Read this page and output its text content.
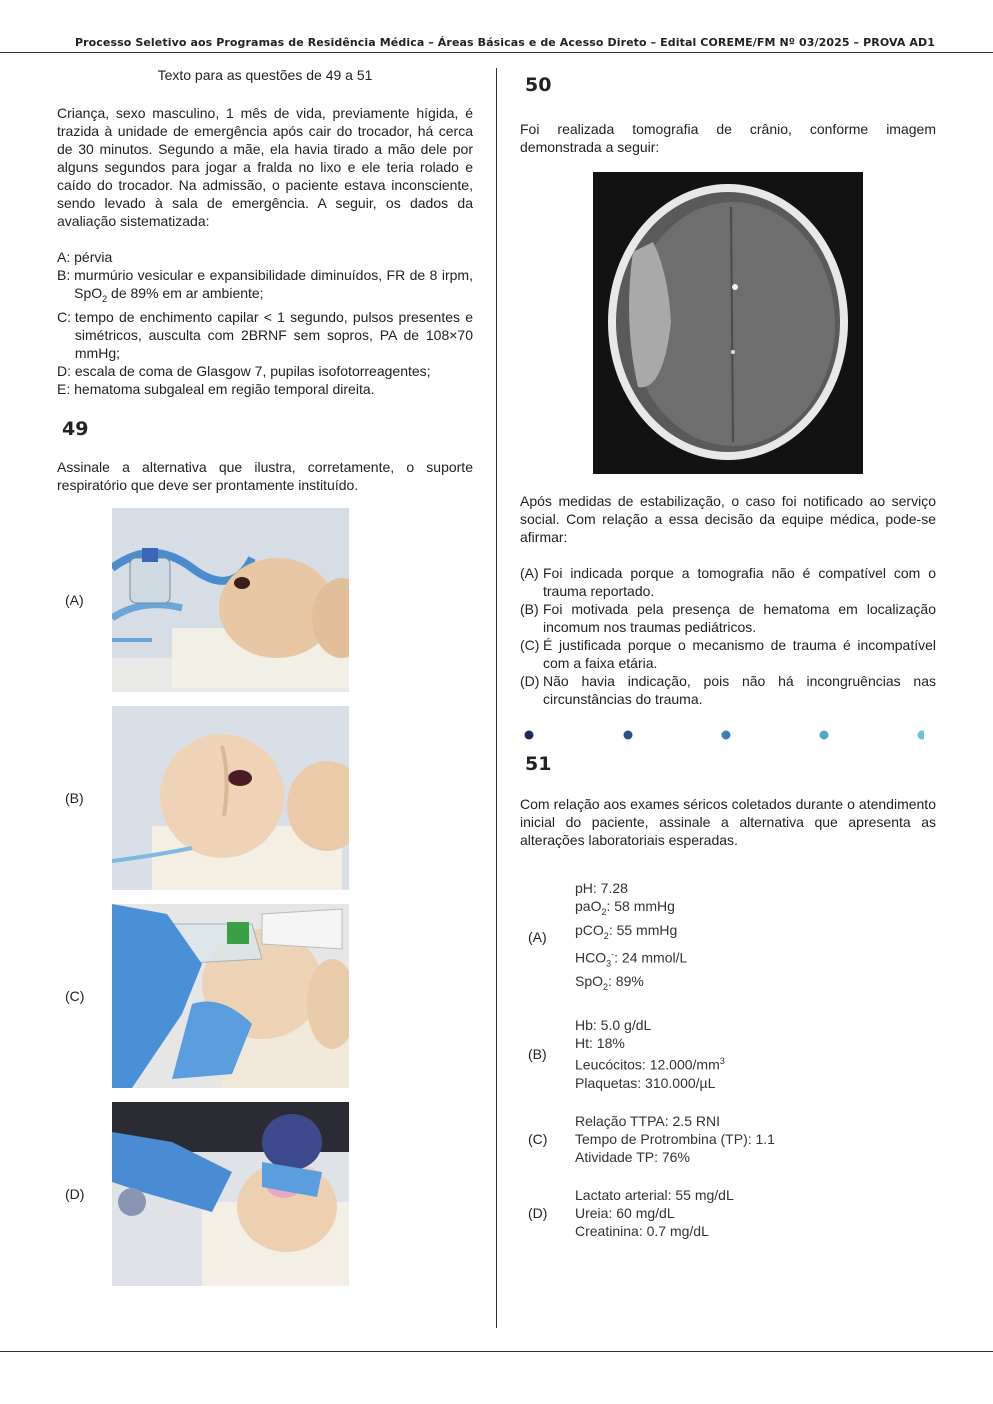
Processo Seletivo aos Programas de Residência Médica – Áreas Básicas e de Acesso Direto – Edital COREME/FM Nº 03/2025 – PROVA AD1

Texto para as questões de 49 a 51

Criança, sexo masculino, 1 mês de vida, previamente hígida, é trazida à unidade de emergência após cair do trocador, há cerca de 30 minutos. Segundo a mãe, ela havia tirado a mão dele por alguns segundos para jogar a fralda no lixo e ele teria rolado e caído do trocador. Na admissão, o paciente estava inconsciente, sendo levado à sala de emergência. A seguir, os dados da avaliação sistematizada:

A:
pérvia
B:
murmúrio vesicular e expansibilidade diminuídos, FR de 8 irpm, SpO$_2$ de 89% em ar ambiente;
C:
tempo de enchimento capilar < 1 segundo, pulsos presentes e simétricos, ausculta com 2BRNF sem sopros, PA de 108×70 mmHg;
D:
escala de coma de Glasgow 7, pupilas isofotorreagentes;
E:
hematoma subgaleal em região temporal direita.
49

Assinale a alternativa que ilustra, corretamente, o suporte respiratório que deve ser prontamente instituído.

(A)
(B)
(C)
(D)
50

Foi realizada tomografia de crânio, conforme imagem demonstrada a seguir:

Após medidas de estabilização, o caso foi notificado ao serviço social. Com relação a essa decisão da equipe médica, pode-se afirmar:

(A) Foi indicada porque a tomografia não é compatível com o trauma reportado.
(B) Foi motivada pela presença de hematoma em localização incomum nos traumas pediátricos.
(C) É justificada porque o mecanismo de trauma é incompatível com a faixa etária.
(D) Não havia indicação, pois não há incongruências nas circunstâncias do trauma.
51

Com relação aos exames séricos coletados durante o atendimento inicial do paciente, assinale a alternativa que apresenta as alterações laboratoriais esperadas.

(A)
pH: 7.28
paO$_2$: 58 mmHg
pCO$_2$: 55 mmHg
$HCO_3^-$: 24 mmol/L
SpO$_2$: 89%
(B)
Hb: 5.0 g/dL
Ht: 18%
Leucócitos: $12.000/mm^3$
Plaquetas: 310.000/µL
(C)
Relação TTPA: 2.5 RNI
Tempo de Protrombina (TP): 1.1
Atividade TP: 76%
(D)
Lactato arterial: 55 mg/dL
Ureia: 60 mg/dL
Creatinina: 0.7 mg/dL
